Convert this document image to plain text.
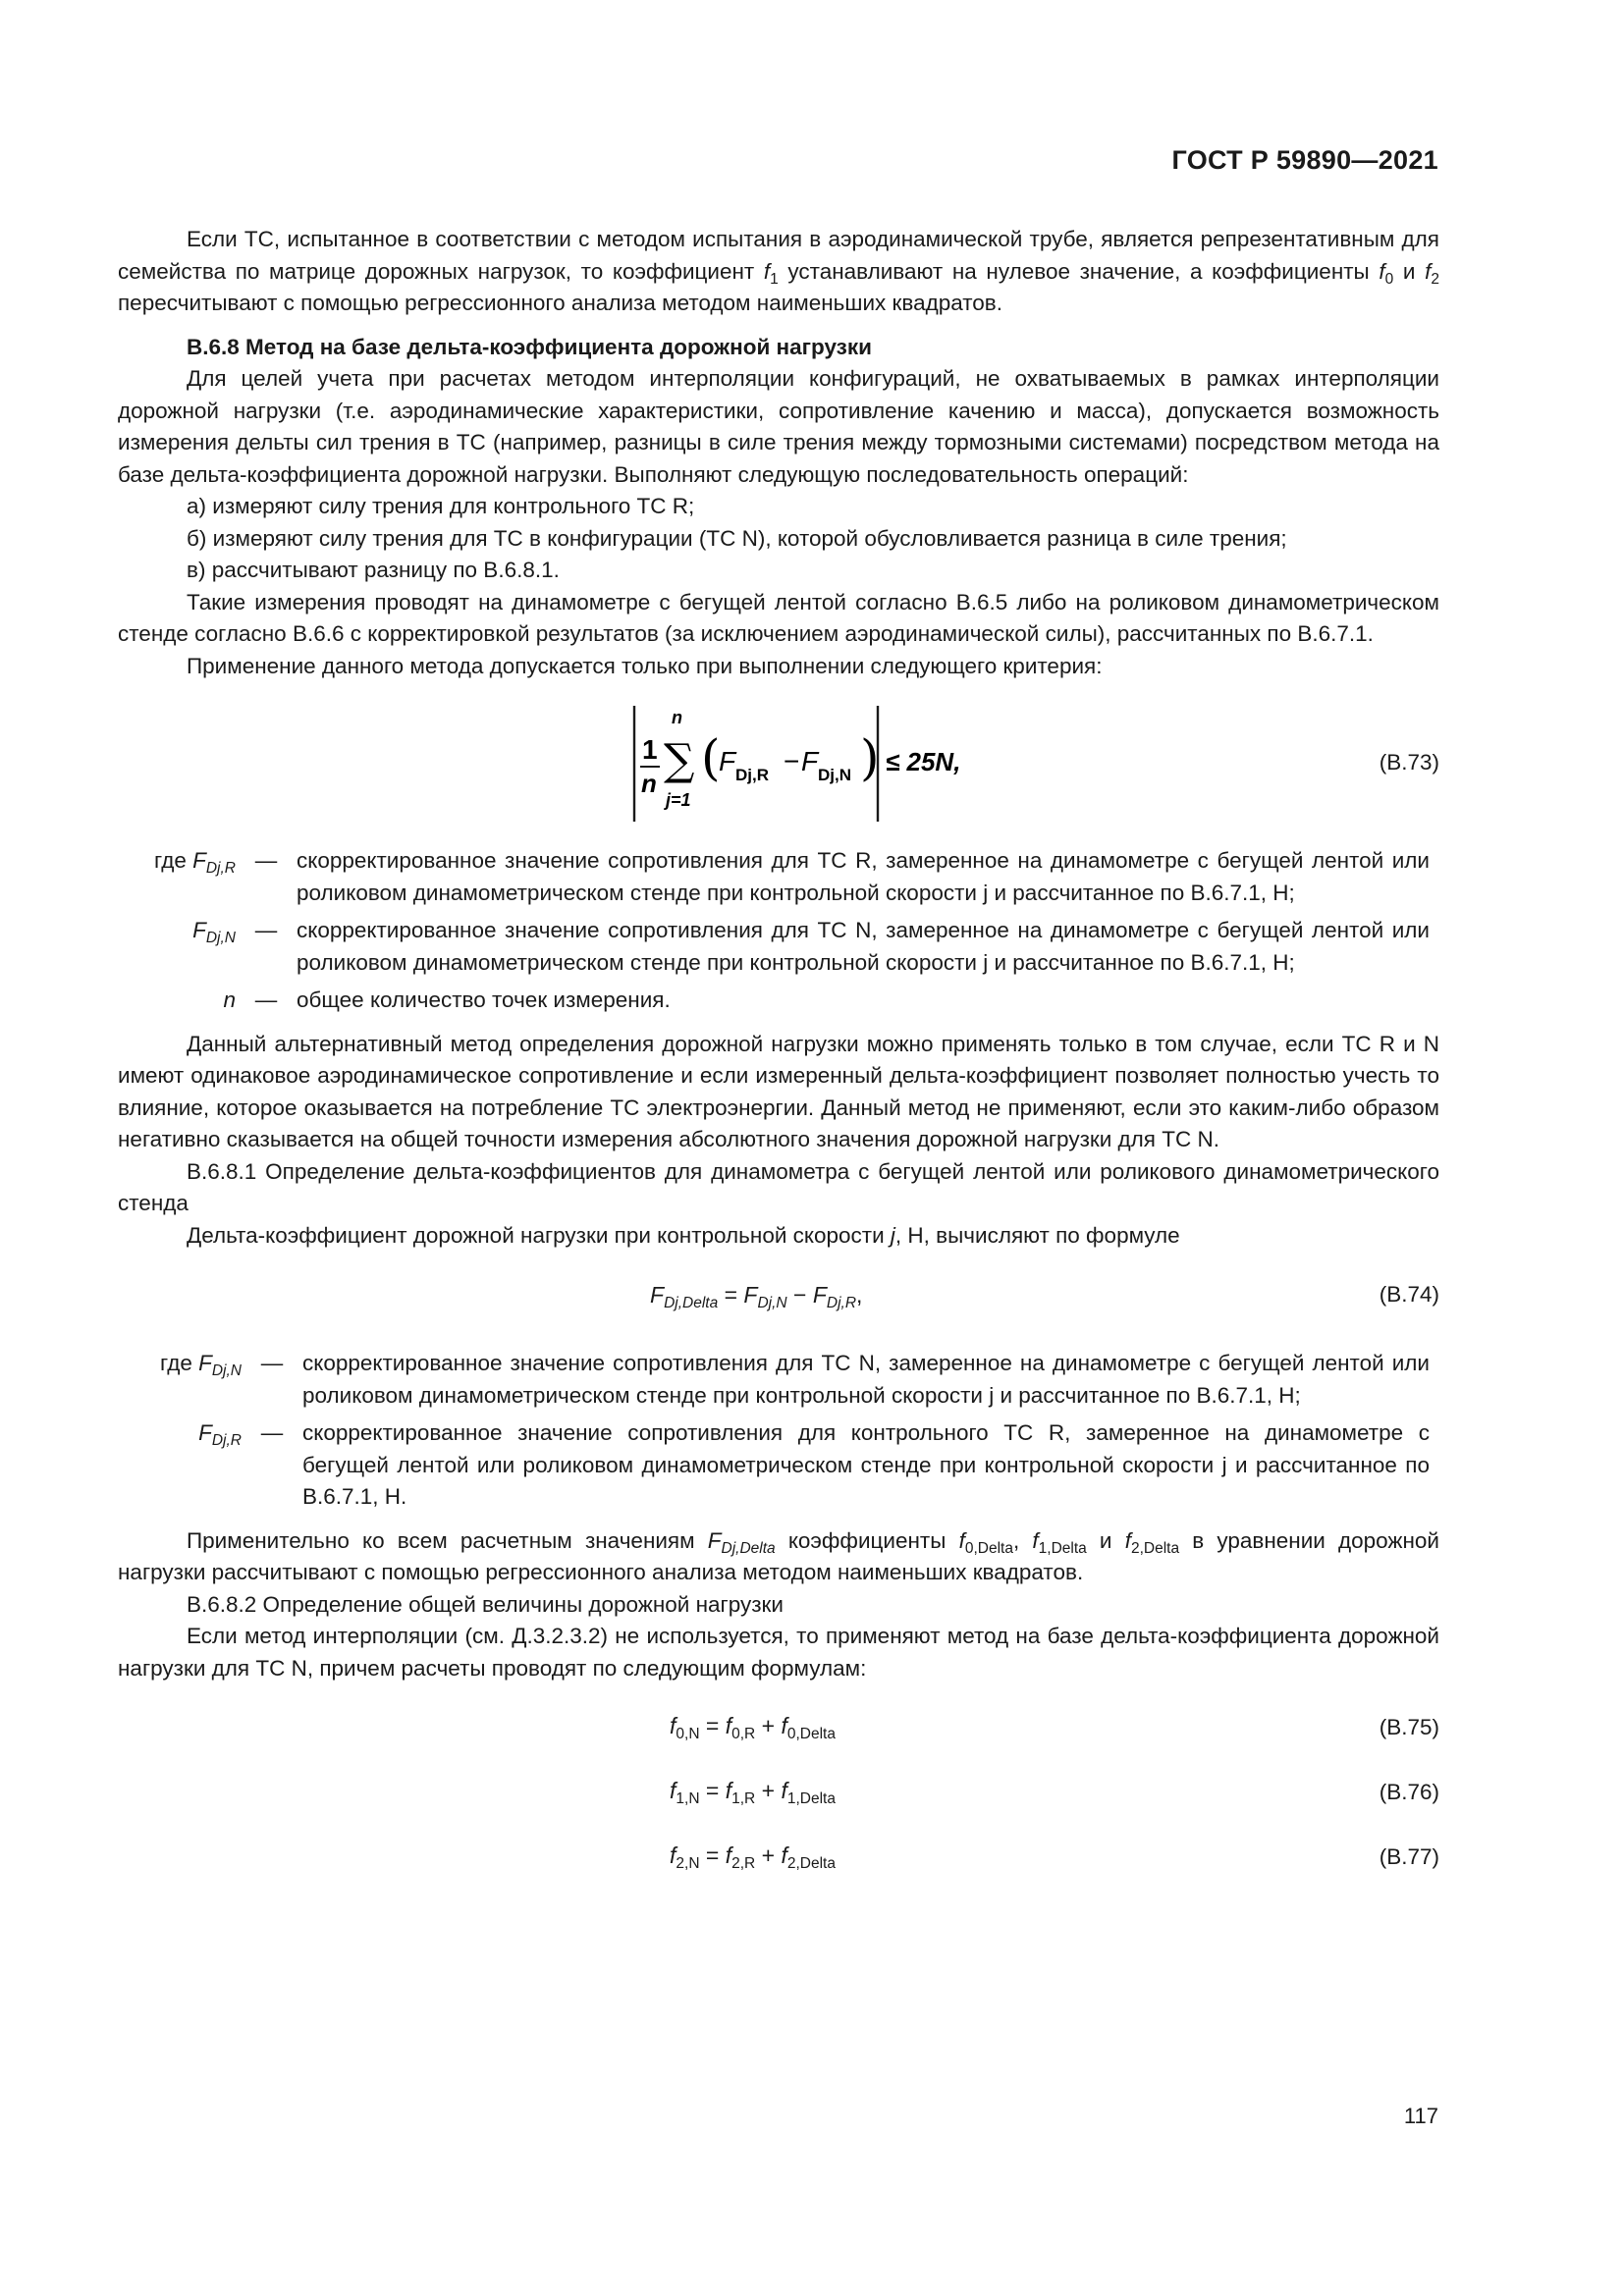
ГОСТ Р 59890—2021

Если ТС, испытанное в соответствии с методом испытания в аэродинамической трубе, является репрезентативным для семейства по матрице дорожных нагрузок, то коэффициент $f_1$ устанавливают на нулевое значение, а коэффициенты $f_0$ и $f_2$ пересчитывают с помощью регрессионного анализа методом наименьших квадратов.

В.6.8 Метод на базе дельта-коэффициента дорожной нагрузки

Для целей учета при расчетах методом интерполяции конфигураций, не охватываемых в рамках интерполяции дорожной нагрузки (т.е. аэродинамические характеристики, сопротивление качению и масса), допускается возможность измерения дельты сил трения в ТС (например, разницы в силе трения между тормозными системами) посредством метода на базе дельта-коэффициента дорожной нагрузки. Выполняют следующую последовательность операций:

а) измеряют силу трения для контрольного ТС R;

б) измеряют силу трения для ТС в конфигурации (ТС N), которой обусловливается разница в силе трения;

в) рассчитывают разницу по В.6.8.1.

Такие измерения проводят на динамометре с бегущей лентой согласно В.6.5 либо на роликовом динамометрическом стенде согласно В.6.6 с корректировкой результатов (за исключением аэродинамической силы), рассчитанных по В.6.7.1.

Применение данного метода допускается только при выполнении следующего критерия:

1
n
n
∑
j=1
(
F Dj,R − F Dj,N ) ≤ 25N,	(В.73)
где $F_{Dj,R}$ — скорректированное значение сопротивления для ТС R, замеренное на динамометре с бегущей лентой или роликовом динамометрическом стенде при контрольной скорости j и рассчитанное по В.6.7.1, Н;
$F_{Dj,N}$ — скорректированное значение сопротивления для ТС N, замеренное на динамометре с бегущей лентой или роликовом динамометрическом стенде при контрольной скорости j и рассчитанное по В.6.7.1, Н;
n — общее количество точек измерения.

Данный альтернативный метод определения дорожной нагрузки можно применять только в том случае, если ТС R и N имеют одинаковое аэродинамическое сопротивление и если измеренный дельта-коэффициент позволяет полностью учесть то влияние, которое оказывается на потребление ТС электроэнергии. Данный метод не применяют, если это каким-либо образом негативно сказывается на общей точности измерения абсолютного значения дорожной нагрузки для ТС N.

В.6.8.1 Определение дельта-коэффициентов для динамометра с бегущей лентой или роликового динамометрического стенда

Дельта-коэффициент дорожной нагрузки при контрольной скорости j, Н, вычисляют по формуле

$F_{Dj,Delta} = F_{Dj,N} - F_{Dj,R}$,	(В.74)
где $F_{Dj,N}$ — скорректированное значение сопротивления для ТС N, замеренное на динамометре с бегущей лентой или роликовом динамометрическом стенде при контрольной скорости j и рассчитанное по В.6.7.1, Н;
$F_{Dj,R}$ — скорректированное значение сопротивления для контрольного ТС R, замеренное на динамометре с бегущей лентой или роликовом динамометрическом стенде при контрольной скорости j и рассчитанное по В.6.7.1, Н.

Применительно ко всем расчетным значениям $F_{Dj,Delta}$ коэффициенты $f_{0,Delta}$, $f_{1,Delta}$ и $f_{2,Delta}$ в уравнении дорожной нагрузки рассчитывают с помощью регрессионного анализа методом наименьших квадратов.

В.6.8.2 Определение общей величины дорожной нагрузки

Если метод интерполяции (см. Д.3.2.3.2) не используется, то применяют метод на базе дельта-коэффициента дорожной нагрузки для ТС N, причем расчеты проводят по следующим формулам:

$f_{0,N} = f_{0,R} + f_{0,Delta}$	(В.75)
$f_{1,N} = f_{1,R} + f_{1,Delta}$	(В.76)
$f_{2,N} = f_{2,R} + f_{2,Delta}$	(В.77)
117
